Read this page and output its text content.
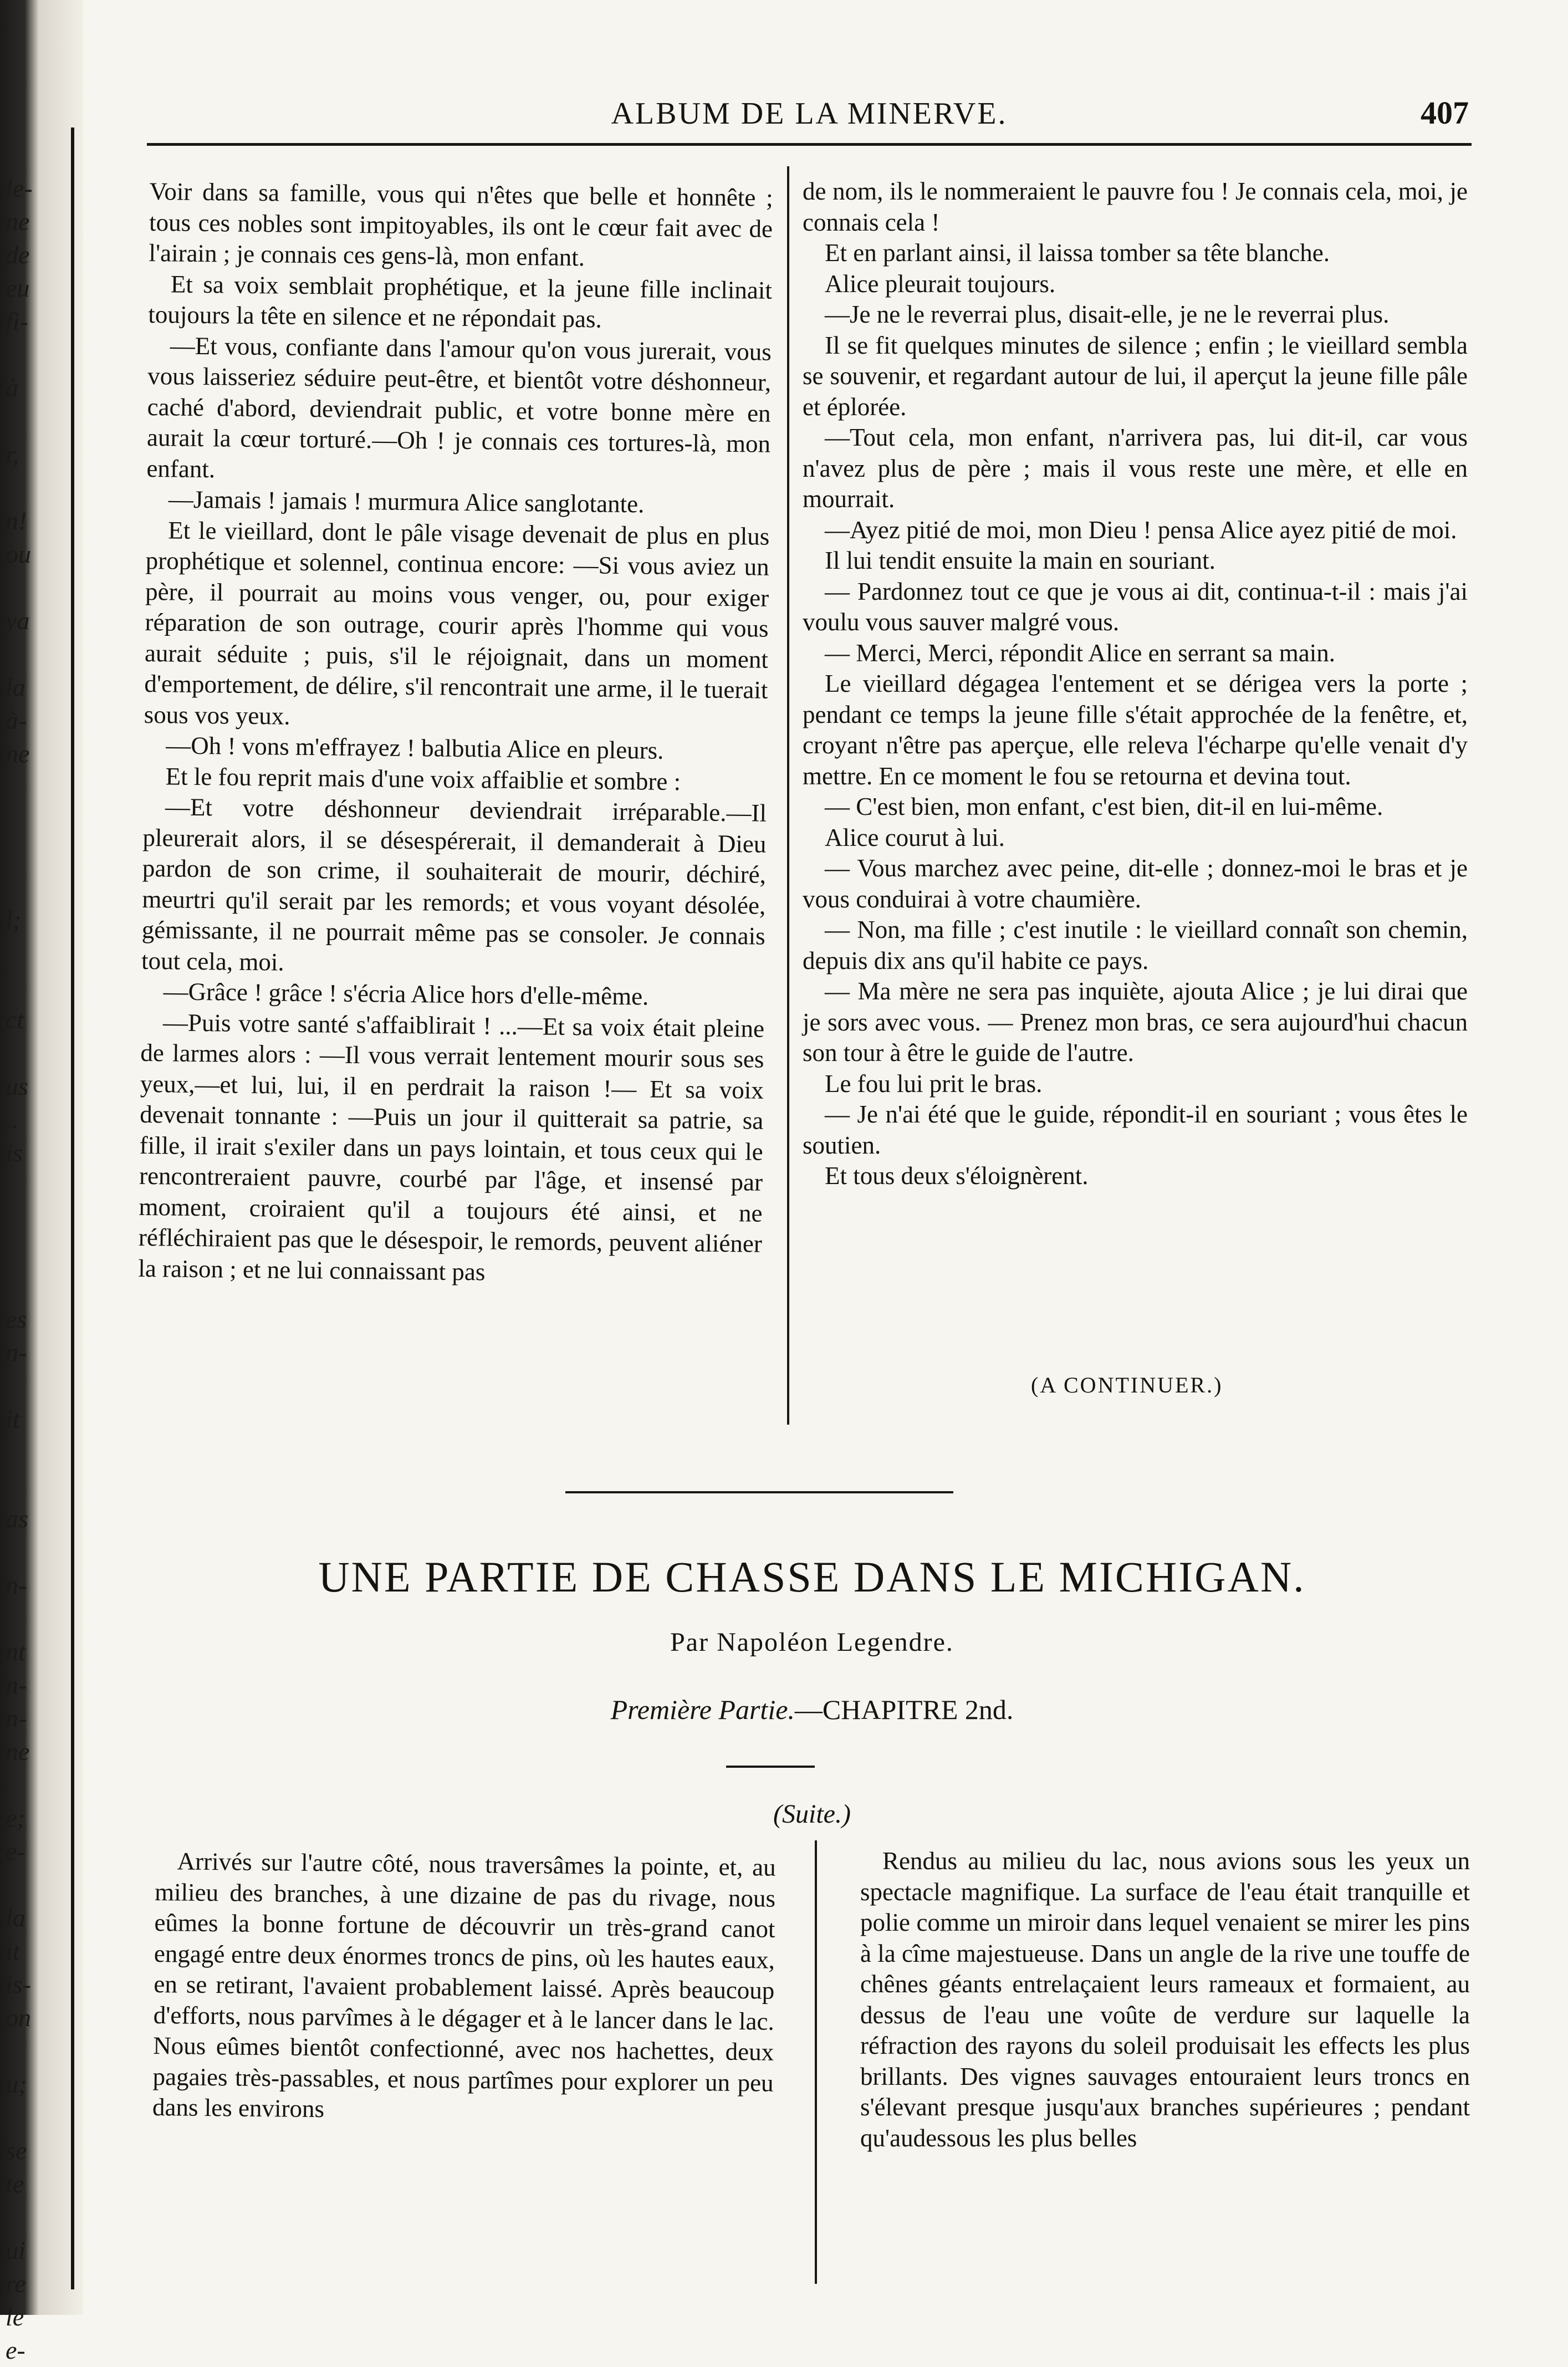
le-
ne
de
eu
fi-
à
r,
n!
ou
ya
la
à-
ne
l;
ct
us
..
is
es
n-
it
as
n-
nt
n-
n-
ne
e;
e-
la
it
is-
on
u;
se
te
ui
re
le
e-
ALBUM DE LA MINERVE.	407

Voir dans sa famille, vous qui n'êtes que belle et honnête ; tous ces nobles sont impitoyables, ils ont le cœur fait avec de l'airain ; je connais ces gens-là, mon enfant.

Et sa voix semblait prophétique, et la jeune fille inclinait toujours la tête en silence et ne répondait pas.

—Et vous, confiante dans l'amour qu'on vous jurerait, vous vous laisseriez séduire peut-être, et bientôt votre déshonneur, caché d'abord, deviendrait public, et votre bonne mère en aurait la cœur torturé.—Oh ! je connais ces tortures-là, mon enfant.

—Jamais ! jamais ! murmura Alice sanglotante.

Et le vieillard, dont le pâle visage devenait de plus en plus prophétique et solennel, continua encore: —Si vous aviez un père, il pourrait au moins vous venger, ou, pour exiger réparation de son outrage, courir après l'homme qui vous aurait séduite ; puis, s'il le réjoignait, dans un moment d'emportement, de délire, s'il rencontrait une arme, il le tuerait sous vos yeux.

—Oh ! vons m'effrayez ! balbutia Alice en pleurs.

Et le fou reprit mais d'une voix affaiblie et sombre :

—Et votre déshonneur deviendrait irréparable.—Il pleurerait alors, il se désespérerait, il demanderait à Dieu pardon de son crime, il souhaiterait de mourir, déchiré, meurtri qu'il serait par les remords; et vous voyant désolée, gémissante, il ne pourrait même pas se consoler. Je connais tout cela, moi.

—Grâce ! grâce ! s'écria Alice hors d'elle-même.

—Puis votre santé s'affaiblirait ! ...—Et sa voix était pleine de larmes alors : —Il vous verrait lentement mourir sous ses yeux,—et lui, lui, il en perdrait la raison !— Et sa voix devenait tonnante : —Puis un jour il quitterait sa patrie, sa fille, il irait s'exiler dans un pays lointain, et tous ceux qui le rencontreraient pauvre, courbé par l'âge, et insensé par moment, croiraient qu'il a toujours été ainsi, et ne réfléchiraient pas que le désespoir, le remords, peuvent aliéner la raison ; et ne lui connaissant pas

de nom, ils le nommeraient le pauvre fou ! Je connais cela, moi, je connais cela !

Et en parlant ainsi, il laissa tomber sa tête blanche.

Alice pleurait toujours.

—Je ne le reverrai plus, disait-elle, je ne le reverrai plus.

Il se fit quelques minutes de silence ; enfin ; le vieillard sembla se souvenir, et regardant autour de lui, il aperçut la jeune fille pâle et éplorée.

—Tout cela, mon enfant, n'arrivera pas, lui dit-il, car vous n'avez plus de père ; mais il vous reste une mère, et elle en mourrait.

—Ayez pitié de moi, mon Dieu ! pensa Alice ayez pitié de moi.

Il lui tendit ensuite la main en souriant.

— Pardonnez tout ce que je vous ai dit, continua-t-il : mais j'ai voulu vous sauver malgré vous.

— Merci, Merci, répondit Alice en serrant sa main.

Le vieillard dégagea l'entement et se dérigea vers la porte ; pendant ce temps la jeune fille s'était approchée de la fenêtre, et, croyant n'être pas aperçue, elle releva l'écharpe qu'elle venait d'y mettre. En ce moment le fou se retourna et devina tout.

— C'est bien, mon enfant, c'est bien, dit-il en lui-même.

Alice courut à lui.

— Vous marchez avec peine, dit-elle ; donnez-moi le bras et je vous conduirai à votre chaumière.

— Non, ma fille ; c'est inutile : le vieillard connaît son chemin, depuis dix ans qu'il habite ce pays.

— Ma mère ne sera pas inquiète, ajouta Alice ; je lui dirai que je sors avec vous. — Prenez mon bras, ce sera aujourd'hui chacun son tour à être le guide de l'autre.

Le fou lui prit le bras.

— Je n'ai été que le guide, répondit-il en souriant ; vous êtes le soutien.

Et tous deux s'éloignèrent.

(A CONTINUER.)
UNE PARTIE DE CHASSE DANS LE MICHIGAN.
Par Napoléon Legendre.
Première Partie.—CHAPITRE 2nd.
(Suite.)

Arrivés sur l'autre côté, nous traversâmes la pointe, et, au milieu des branches, à une dizaine de pas du rivage, nous eûmes la bonne fortune de découvrir un très-grand canot engagé entre deux énormes troncs de pins, où les hautes eaux, en se retirant, l'avaient probablement laissé. Après beaucoup d'efforts, nous parvîmes à le dégager et à le lancer dans le lac. Nous eûmes bientôt confectionné, avec nos hachettes, deux pagaies très-passables, et nous partîmes pour explorer un peu dans les environs

Rendus au milieu du lac, nous avions sous les yeux un spectacle magnifique. La surface de l'eau était tranquille et polie comme un miroir dans lequel venaient se mirer les pins à la cîme majestueuse. Dans un angle de la rive une touffe de chênes géants entrelaçaient leurs rameaux et formaient, au dessus de l'eau une voûte de verdure sur laquelle la réfraction des rayons du soleil produisait les effects les plus brillants. Des vignes sauvages entouraient leurs troncs en s'élevant presque jusqu'aux branches supérieures ; pendant qu'audessous les plus belles
